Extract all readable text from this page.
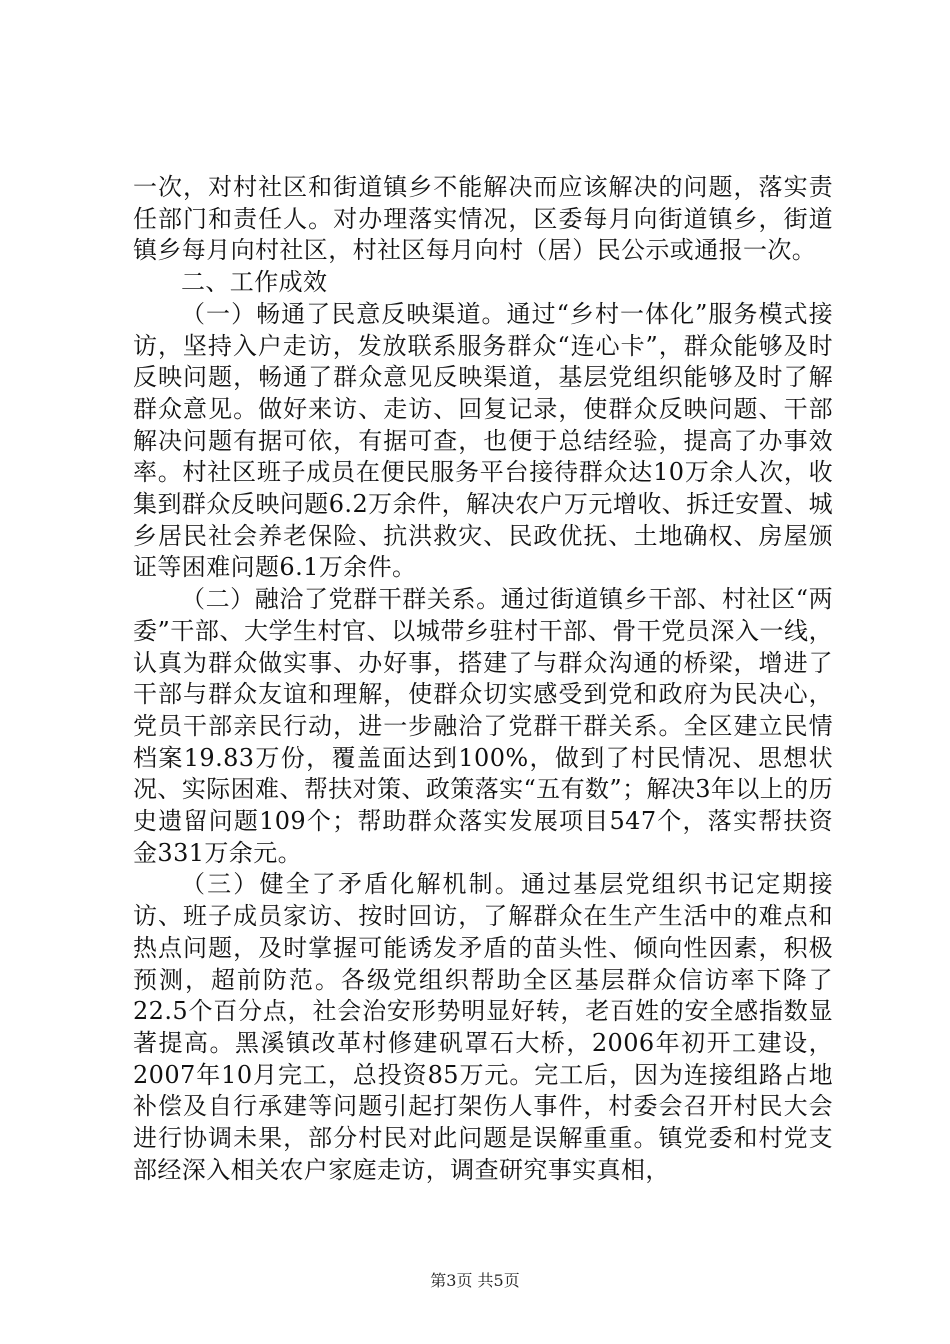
一次，对村社区和街道镇乡不能解决而应该解决的问题，落实责任部门和责任人。对办理落实情况，区委每月向街道镇乡，街道镇乡每月向村社区，村社区每月向村（居）民公示或通报一次。

二、工作成效

（一）畅通了民意反映渠道。通过“乡村一体化”服务模式接访，坚持入户走访，发放联系服务群众“连心卡”，群众能够及时反映问题，畅通了群众意见反映渠道，基层党组织能够及时了解群众意见。做好来访、走访、回复记录，使群众反映问题、干部解决问题有据可依，有据可查，也便于总结经验，提高了办事效率。村社区班子成员在便民服务平台接待群众达10万余人次，收集到群众反映问题6.2万余件，解决农户万元增收、拆迁安置、城乡居民社会养老保险、抗洪救灾、民政优抚、土地确权、房屋颁证等困难问题6.1万余件。

（二）融洽了党群干群关系。通过街道镇乡干部、村社区“两委”干部、大学生村官、以城带乡驻村干部、骨干党员深入一线，认真为群众做实事、办好事，搭建了与群众沟通的桥梁，增进了干部与群众友谊和理解，使群众切实感受到党和政府为民决心，党员干部亲民行动，进一步融洽了党群干群关系。全区建立民情档案19.83万份，覆盖面达到100%，做到了村民情况、思想状况、实际困难、帮扶对策、政策落实“五有数”；解决3年以上的历史遗留问题109个；帮助群众落实发展项目547个，落实帮扶资金331万余元。

（三）健全了矛盾化解机制。通过基层党组织书记定期接访、班子成员家访、按时回访，了解群众在生产生活中的难点和热点问题，及时掌握可能诱发矛盾的苗头性、倾向性因素，积极预测，超前防范。各级党组织帮助全区基层群众信访率下降了22.5个百分点，社会治安形势明显好转，老百姓的安全感指数显著提高。黑溪镇改革村修建矾罩石大桥，2006年初开工建设，2007年10月完工，总投资85万元。完工后，因为连接组路占地补偿及自行承建等问题引起打架伤人事件，村委会召开村民大会进行协调未果，部分村民对此问题是误解重重。镇党委和村党支部经深入相关农户家庭走访，调查研究事实真相，

第3页 共5页
